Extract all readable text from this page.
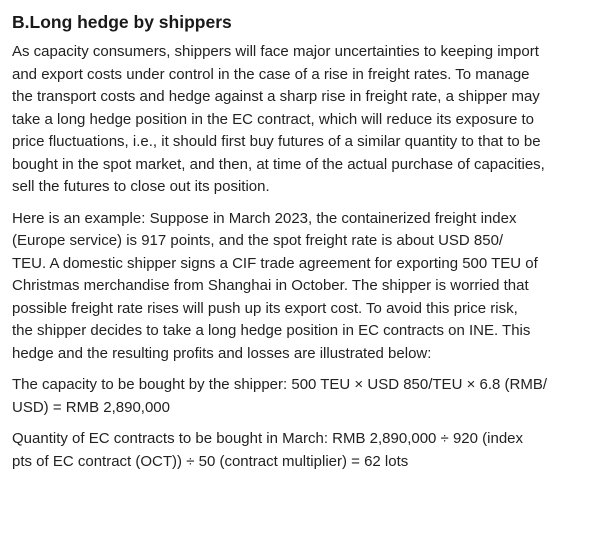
B.Long hedge by shippers

As capacity consumers, shippers will face major uncertainties to keeping import
and export costs under control in the case of a rise in freight rates. To manage
the transport costs and hedge against a sharp rise in freight rate, a shipper may
take a long hedge position in the EC contract, which will reduce its exposure to
price fluctuations, i.e., it should first buy futures of a similar quantity to that to be
bought in the spot market, and then, at time of the actual purchase of capacities,
sell the futures to close out its position.

Here is an example: Suppose in March 2023, the containerized freight index
(Europe service) is 917 points, and the spot freight rate is about USD 850/
TEU. A domestic shipper signs a CIF trade agreement for exporting 500 TEU of
Christmas merchandise from Shanghai in October. The shipper is worried that
possible freight rate rises will push up its export cost. To avoid this price risk,
the shipper decides to take a long hedge position in EC contracts on INE. This
hedge and the resulting profits and losses are illustrated below:

The capacity to be bought by the shipper: 500 TEU × USD 850/TEU × 6.8 (RMB/
USD) = RMB 2,890,000

Quantity of EC contracts to be bought in March: RMB 2,890,000 ÷ 920 (index
pts of EC contract (OCT)) ÷ 50 (contract multiplier) = 62 lots
